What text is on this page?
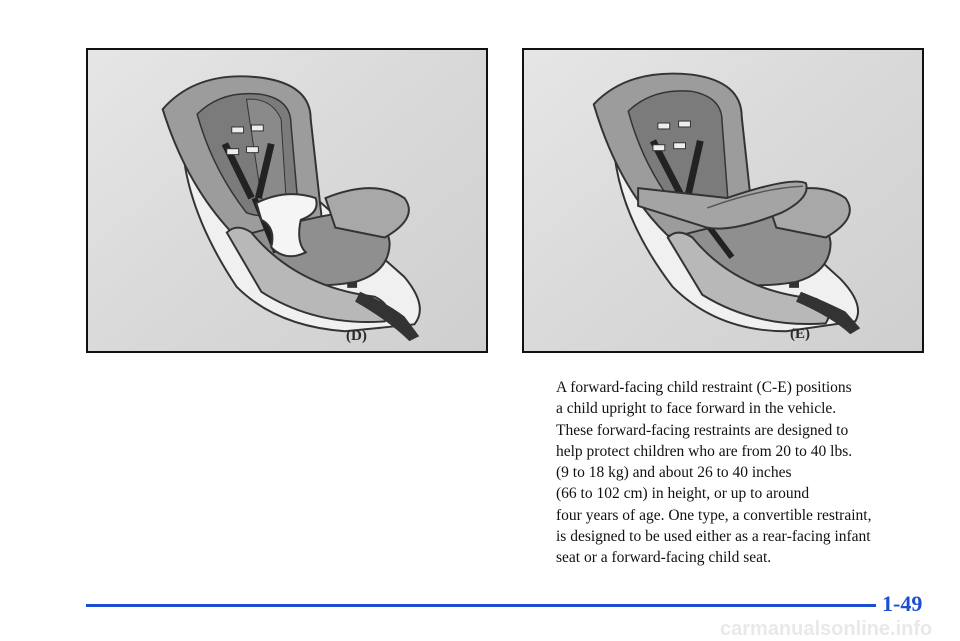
(D)	(E)
A forward‑facing child restraint (C‑E) positions
a child upright to face forward in the vehicle.
These forward‑facing restraints are designed to
help protect children who are from 20 to 40 lbs.
(9 to 18 kg) and about 26 to 40 inches
(66 to 102 cm) in height, or up to around
four years of age. One type, a convertible restraint,
is designed to be used either as a rear‑facing infant
seat or a forward‑facing child seat.
1-49
carmanualsonline.info
